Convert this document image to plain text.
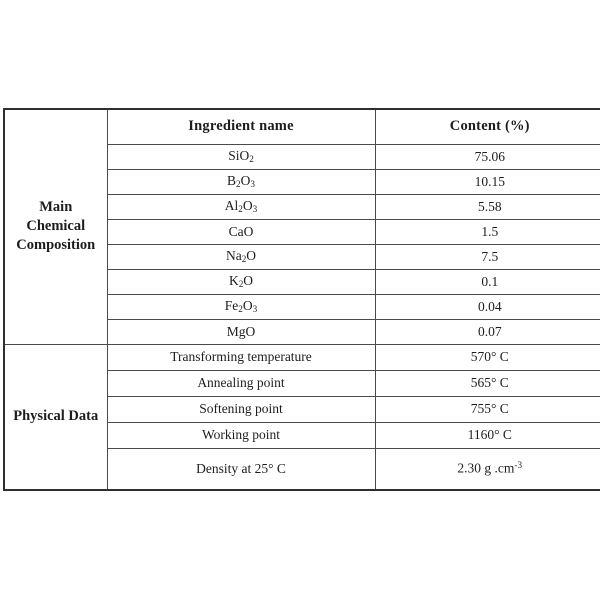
Main
Chemical
Composition	Ingredient name	Content (%)
	SiO$_2$	75.06
	$B_2O_3$	10.15
	$Al_2O_3$	5.58
	CaO	1.5
	$Na_2O$	7.5
	$K_2O$	0.1
	$Fe_2O_3$	0.04
	MgO	0.07
Physical Data	Transforming temperature	570° C
	Annealing point	565° C
	Softening point	755° C
	Working point	1160° C
	Density at 25° C	2.30 g $.cm^{-3}$
